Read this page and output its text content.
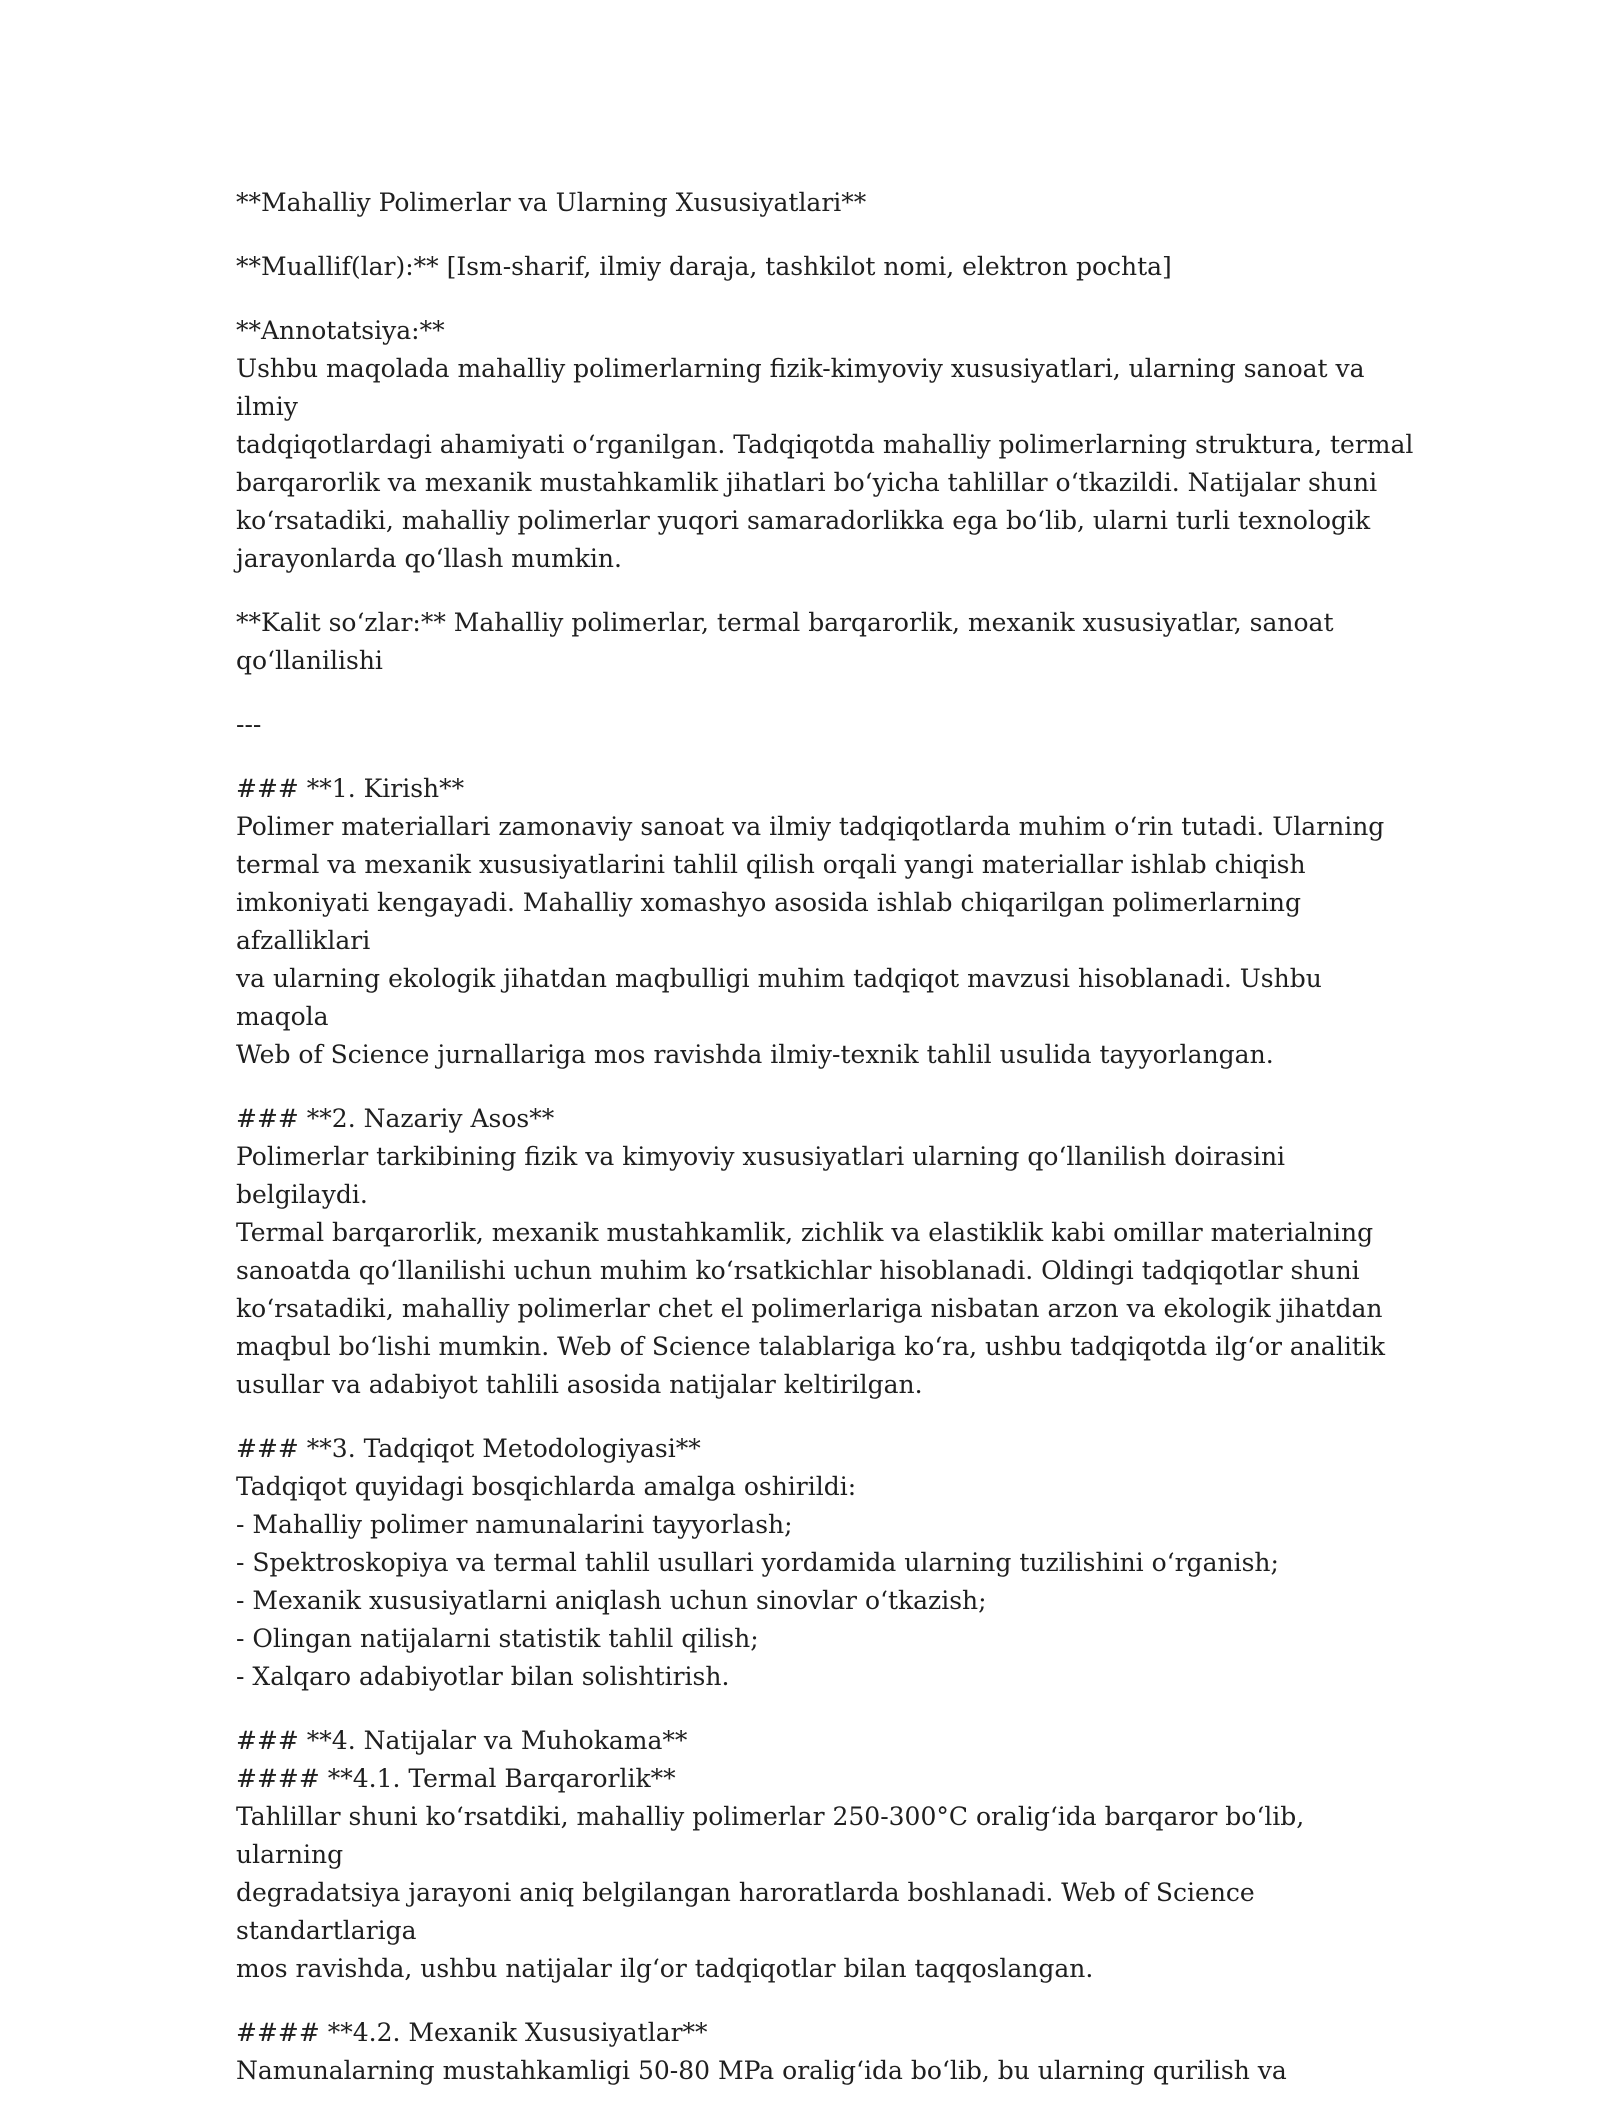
**Mahalliy Polimerlar va Ularning Xususiyatlari**
**Muallif(lar):** [Ism-sharif, ilmiy daraja, tashkilot nomi, elektron pochta]
**Annotatsiya:**
Ushbu maqolada mahalliy polimerlarning fizik-kimyoviy xususiyatlari, ularning sanoat va ilmiy
tadqiqotlardagi ahamiyati o‘rganilgan. Tadqiqotda mahalliy polimerlarning struktura, termal
barqarorlik va mexanik mustahkamlik jihatlari bo‘yicha tahlillar o‘tkazildi. Natijalar shuni
ko‘rsatadiki, mahalliy polimerlar yuqori samaradorlikka ega bo‘lib, ularni turli texnologik
jarayonlarda qo‘llash mumkin.
**Kalit so‘zlar:** Mahalliy polimerlar, termal barqarorlik, mexanik xususiyatlar, sanoat
qo‘llanilishi
---
### **1. Kirish**
Polimer materiallari zamonaviy sanoat va ilmiy tadqiqotlarda muhim o‘rin tutadi. Ularning
termal va mexanik xususiyatlarini tahlil qilish orqali yangi materiallar ishlab chiqish
imkoniyati kengayadi. Mahalliy xomashyo asosida ishlab chiqarilgan polimerlarning afzalliklari
va ularning ekologik jihatdan maqbulligi muhim tadqiqot mavzusi hisoblanadi. Ushbu maqola
Web of Science jurnallariga mos ravishda ilmiy-texnik tahlil usulida tayyorlangan.
### **2. Nazariy Asos**
Polimerlar tarkibining fizik va kimyoviy xususiyatlari ularning qo‘llanilish doirasini belgilaydi.
Termal barqarorlik, mexanik mustahkamlik, zichlik va elastiklik kabi omillar materialning
sanoatda qo‘llanilishi uchun muhim ko‘rsatkichlar hisoblanadi. Oldingi tadqiqotlar shuni
ko‘rsatadiki, mahalliy polimerlar chet el polimerlariga nisbatan arzon va ekologik jihatdan
maqbul bo‘lishi mumkin. Web of Science talablariga ko‘ra, ushbu tadqiqotda ilg‘or analitik
usullar va adabiyot tahlili asosida natijalar keltirilgan.
### **3. Tadqiqot Metodologiyasi**
Tadqiqot quyidagi bosqichlarda amalga oshirildi:
- Mahalliy polimer namunalarini tayyorlash;
- Spektroskopiya va termal tahlil usullari yordamida ularning tuzilishini o‘rganish;
- Mexanik xususiyatlarni aniqlash uchun sinovlar o‘tkazish;
- Olingan natijalarni statistik tahlil qilish;
- Xalqaro adabiyotlar bilan solishtirish.
### **4. Natijalar va Muhokama**
#### **4.1. Termal Barqarorlik**
Tahlillar shuni ko‘rsatdiki, mahalliy polimerlar 250-300°C oralig‘ida barqaror bo‘lib, ularning
degradatsiya jarayoni aniq belgilangan haroratlarda boshlanadi. Web of Science standartlariga
mos ravishda, ushbu natijalar ilg‘or tadqiqotlar bilan taqqoslangan.
#### **4.2. Mexanik Xususiyatlar**
Namunalarning mustahkamligi 50-80 MPa oralig‘ida bo‘lib, bu ularning qurilish va
